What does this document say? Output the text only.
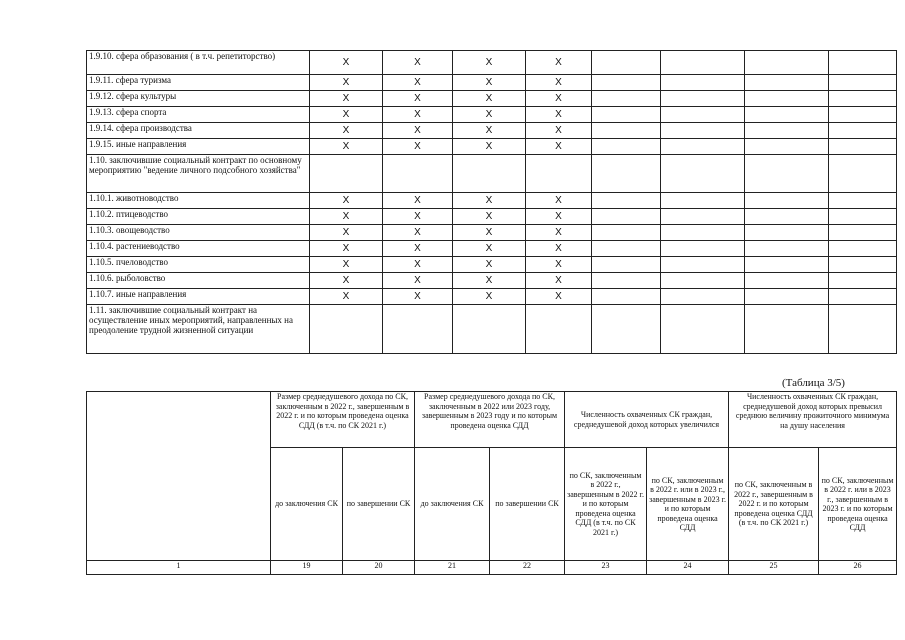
1.9.10. сфера образования ( в т.ч. репетиторство)	Х	Х	Х	Х				
1.9.11. сфера туризма	Х	Х	Х	Х				
1.9.12. сфера культуры	Х	Х	Х	Х				
1.9.13. сфера спорта	Х	Х	Х	Х				
1.9.14. сфера производства	Х	Х	Х	Х				
1.9.15. иные направления	Х	Х	Х	Х				
1.10. заключившие социальный контракт по основному мероприятию "ведение личного подсобного хозяйства"								
1.10.1. животноводство	Х	Х	Х	Х				
1.10.2. птицеводство	Х	Х	Х	Х				
1.10.3. овощеводство	Х	Х	Х	Х				
1.10.4. растениеводство	Х	Х	Х	Х				
1.10.5. пчеловодство	Х	Х	Х	Х				
1.10.6. рыболовство	Х	Х	Х	Х				
1.10.7. иные направления	Х	Х	Х	Х				
1.11. заключившие социальный контракт на осуществление иных мероприятий, направленных на преодоление трудной жизненной ситуации								
(Таблица 3/5)
	Размер среднедушевого дохода по СК, заключенным в 2022 г., завершенным в 2022 г. и по которым проведена оценка СДД (в т.ч. по СК 2021 г.)		Размер среднедушевого дохода по СК, заключенным в 2022 или 2023 году, завершенным в 2023 году и по которым проведена оценка СДД		Численность охваченных СК граждан, среднедушевой доход которых увеличился		Численность охваченных СК граждан, среднедушевой доход которых превысил среднюю величину прожиточного минимума на душу населения	
	до заключения СК	по завершении СК	до заключения СК	по завершении СК	по СК, заключенным в 2022 г., завершенным в 2022 г. и по которым проведена оценка СДД (в т.ч. по СК 2021 г.)	по СК, заключенным в 2022 г. или в 2023 г., завершенным в 2023 г. и по которым проведена оценка СДД	по СК, заключенным в 2022 г., завершенным в 2022 г. и по которым проведена оценка СДД (в т.ч. по СК 2021 г.)	по СК, заключенным в 2022 г. или в 2023 г., завершенным в 2023 г. и по которым проведена оценка СДД
1	19	20	21	22	23	24	25	26
